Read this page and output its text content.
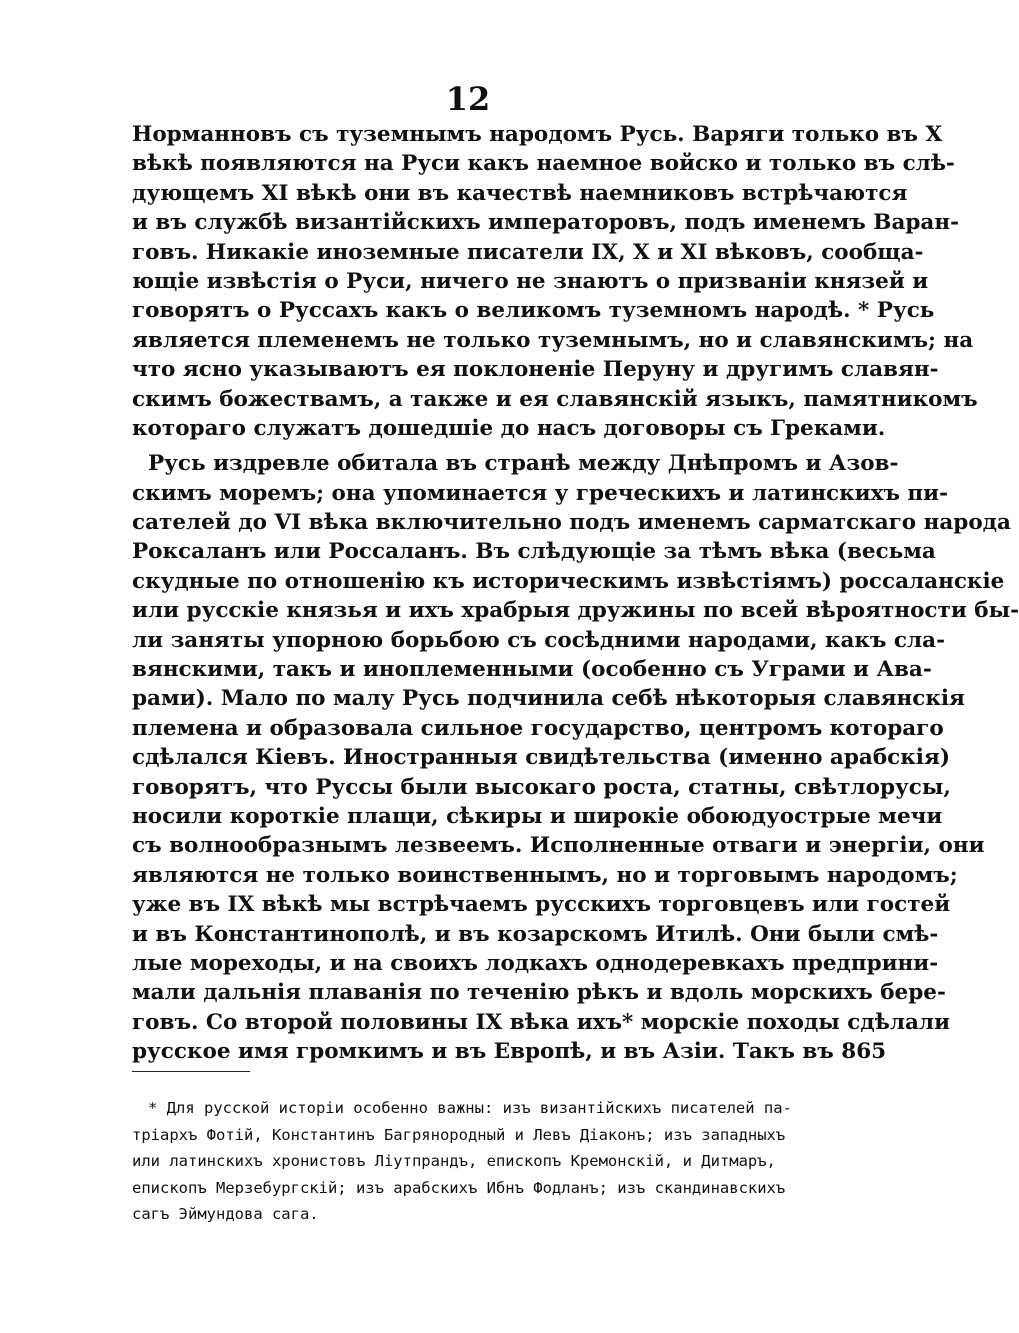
12
Норманновъ съ туземнымъ народомъ Русь. Варяги только въ X
вѣкѣ появляются на Руси какъ наемное войско и только въ слѣ-
дующемъ XI вѣкѣ они въ качествѣ наемниковъ встрѣчаются
и въ службѣ византійскихъ императоровъ, подъ именемъ Варан-
говъ. Никакіе иноземные писатели IX, X и XI вѣковъ, сообща-
ющіе извѣстія о Руси, ничего не знаютъ о призваніи князей и
говорятъ о Руссахъ какъ о великомъ туземномъ народѣ. * Русь
является племенемъ не только туземнымъ, но и славянскимъ; на
что ясно указываютъ ея поклоненіе Перуну и другимъ славян-
скимъ божествамъ, а также и ея славянскій языкъ, памятникомъ
котораго служатъ дошедшіе до насъ договоры съ Греками.
Русь издревле обитала въ странѣ между Днѣпромъ и Азов-
скимъ моремъ; она упоминается у греческихъ и латинскихъ пи-
сателей до VI вѣка включительно подъ именемъ сарматскаго народа
Роксаланъ или Россаланъ. Въ слѣдующіе за тѣмъ вѣка (весьма
скудные по отношенію къ историческимъ извѣстіямъ) россаланскіе
или русскіе князья и ихъ храбрыя дружины по всей вѣроятности бы-
ли заняты упорною борьбою съ сосѣдними народами, какъ сла-
вянскими, такъ и иноплеменными (особенно съ Уграми и Ава-
рами). Мало по малу Русь подчинила себѣ нѣкоторыя славянскія
племена и образовала сильное государство, центромъ котораго
сдѣлался Кіевъ. Иностранныя свидѣтельства (именно арабскія)
говорятъ, что Руссы были высокаго роста, статны, свѣтлорусы,
носили короткіе плащи, сѣкиры и широкіе обоюдуострые мечи
съ волнообразнымъ лезвеемъ. Исполненные отваги и энергіи, они
являются не только воинственнымъ, но и торговымъ народомъ;
уже въ IX вѣкѣ мы встрѣчаемъ русскихъ торговцевъ или гостей
и въ Константинополѣ, и въ козарскомъ Итилѣ. Они были смѣ-
лые мореходы, и на своихъ лодкахъ однодеревкахъ предприни-
мали дальнія плаванія по теченію рѣкъ и вдоль морскихъ бере-
говъ. Со второй половины IX вѣка ихъ* морскіе походы сдѣлали
русское имя громкимъ и въ Европѣ, и въ Азіи. Такъ въ 865
* Для русской исторіи особенно важны: изъ византійскихъ писателей па-
тріархъ Фотій, Константинъ Багрянородный и Левъ Діаконъ; изъ западныхъ
или латинскихъ хронистовъ Ліутпрандъ, епископъ Кремонскій, и Дитмаръ,
епископъ Мерзебургскій; изъ арабскихъ Ибнъ Фодланъ; изъ скандинавскихъ
сагъ Эймундова сага.
